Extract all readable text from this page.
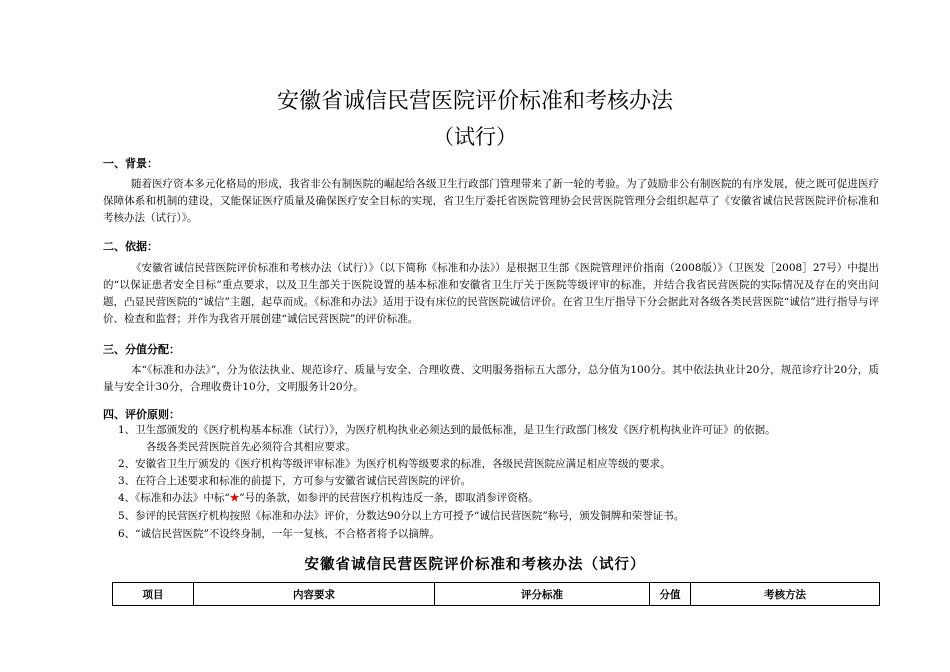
安徽省诚信民营医院评价标准和考核办法
（试行）
一、背景：
随着医疗资本多元化格局的形成，我省非公有制医院的崛起给各级卫生行政部门管理带来了新一轮的考验。为了鼓励非公有制医院的有序发展，使之既可促进医疗保障体系和机制的建设，又能保证医疗质量及确保医疗安全目标的实现，省卫生厅委托省医院管理协会民营医院管理分会组织起草了《安徽省诚信民营医院评价标准和考核办法（试行）》。
二、依据：
《安徽省诚信民营医院评价标准和考核办法（试行）》（以下简称《标准和办法》）是根据卫生部《医院管理评价指南（2008版）》（卫医发［2008］27号）中提出的“以保证患者安全目标”重点要求，以及卫生部关于医院设置的基本标准和安徽省卫生厅关于医院等级评审的标准，并结合我省民营医院的实际情况及存在的突出问题，凸显民营医院的“诚信”主题，起草而成。《标准和办法》适用于设有床位的民营医院诚信评价。在省卫生厅指导下分会据此对各级各类民营医院“诚信”进行指导与评价、检查和监督；并作为我省开展创建“诚信民营医院”的评价标准。
三、分值分配：
本“《标准和办法》”，分为依法执业、规范诊疗、质量与安全、合理收费、文明服务指标五大部分，总分值为100分。其中依法执业计20分，规范诊疗计20分，质量与安全计30分，合理收费计10分，文明服务计20分。
四、评价原则：
1、卫生部颁发的《医疗机构基本标准（试行）》，为医疗机构执业必须达到的最低标准，是卫生行政部门核发《医疗机构执业许可证》的依据。
各级各类民营医院首先必须符合其相应要求。
2、安徽省卫生厅颁发的《医疗机构等级评审标准》为医疗机构等级要求的标准，各级民营医院应满足相应等级的要求。
3、在符合上述要求和标准的前提下，方可参与安徽省诚信民营医院的评价。
4、《标准和办法》中标“★”号的条款，如参评的民营医疗机构违反一条，即取消参评资格。
5、参评的民营医疗机构按照《标准和办法》评价，分数达90分以上方可授予“诚信民营医院”称号，颁发铜牌和荣誉证书。
6、“诚信民营医院”不设终身制，一年一复核，不合格者将予以摘牌。
安徽省诚信民营医院评价标准和考核办法（试行）
项目	内容要求	评分标准	分值	考核方法
